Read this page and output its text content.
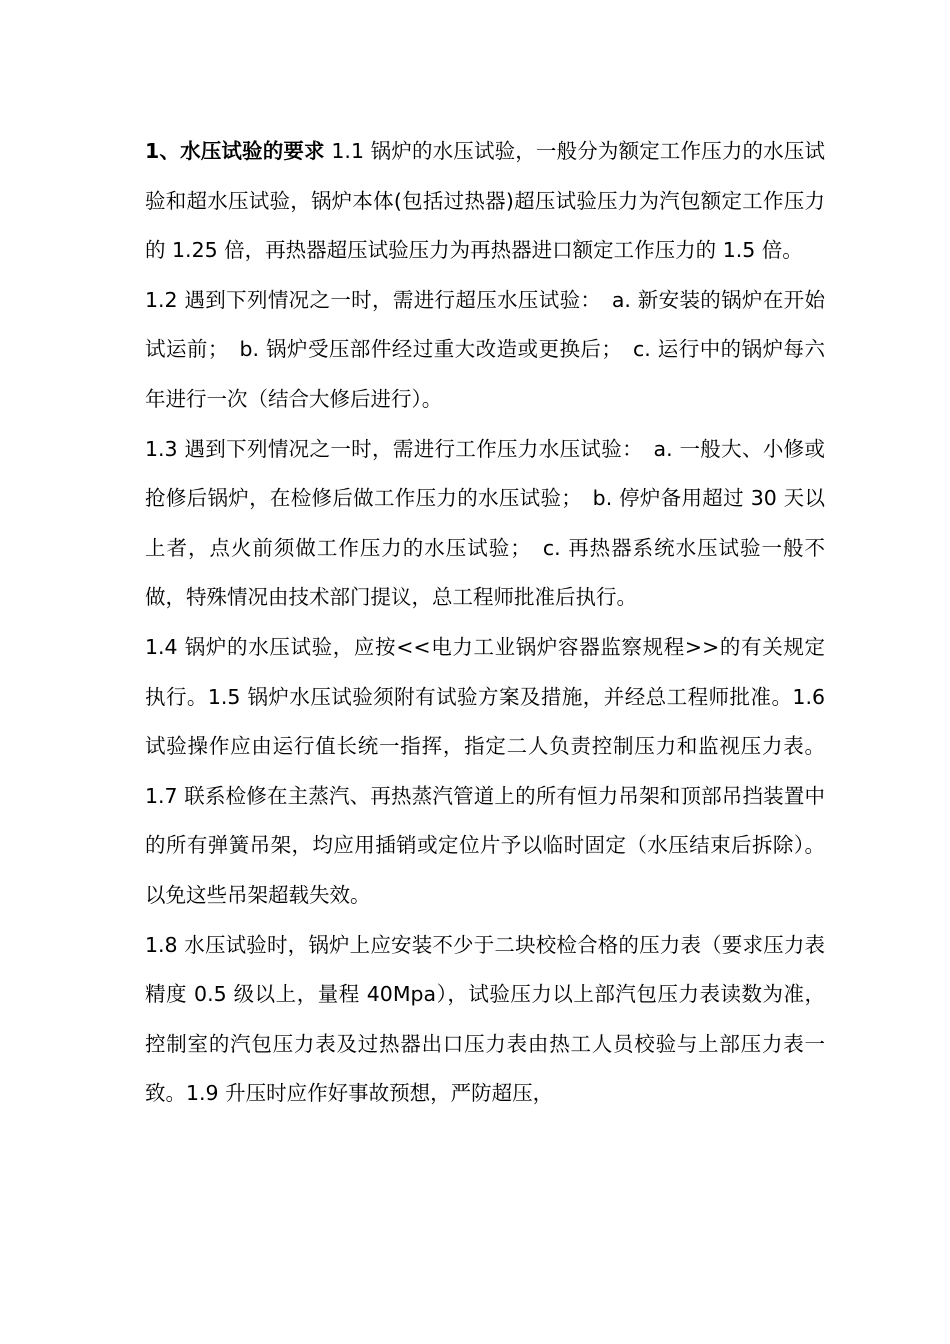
1、水压试验的要求 1.1 锅炉的水压试验，一般分为额定工作压力的水压试验和超水压试验，锅炉本体(包括过热器)超压试验压力为汽包额定工作压力的 1.25 倍，再热器超压试验压力为再热器进口额定工作压力的 1.5 倍。

1.2 遇到下列情况之一时，需进行超压水压试验：　a. 新安装的锅炉在开始试运前；　b. 锅炉受压部件经过重大改造或更换后；　c. 运行中的锅炉每六年进行一次（结合大修后进行）。

1.3 遇到下列情况之一时，需进行工作压力水压试验：　a. 一般大、小修或抢修后锅炉，在检修后做工作压力的水压试验；　b. 停炉备用超过 30 天以上者，点火前须做工作压力的水压试验；　c. 再热器系统水压试验一般不做，特殊情况由技术部门提议，总工程师批准后执行。

1.4 锅炉的水压试验，应按<<电力工业锅炉容器监察规程>>的有关规定执行。1.5 锅炉水压试验须附有试验方案及措施，并经总工程师批准。1.6 试验操作应由运行值长统一指挥，指定二人负责控制压力和监视压力表。1.7 联系检修在主蒸汽、再热蒸汽管道上的所有恒力吊架和顶部吊挡装置中的所有弹簧吊架，均应用插销或定位片予以临时固定（水压结束后拆除）。以免这些吊架超载失效。

1.8 水压试验时，锅炉上应安装不少于二块校检合格的压力表（要求压力表精度 0.5 级以上，量程 40Mpa），试验压力以上部汽包压力表读数为准，控制室的汽包压力表及过热器出口压力表由热工人员校验与上部压力表一致。1.9 升压时应作好事故预想，严防超压，
